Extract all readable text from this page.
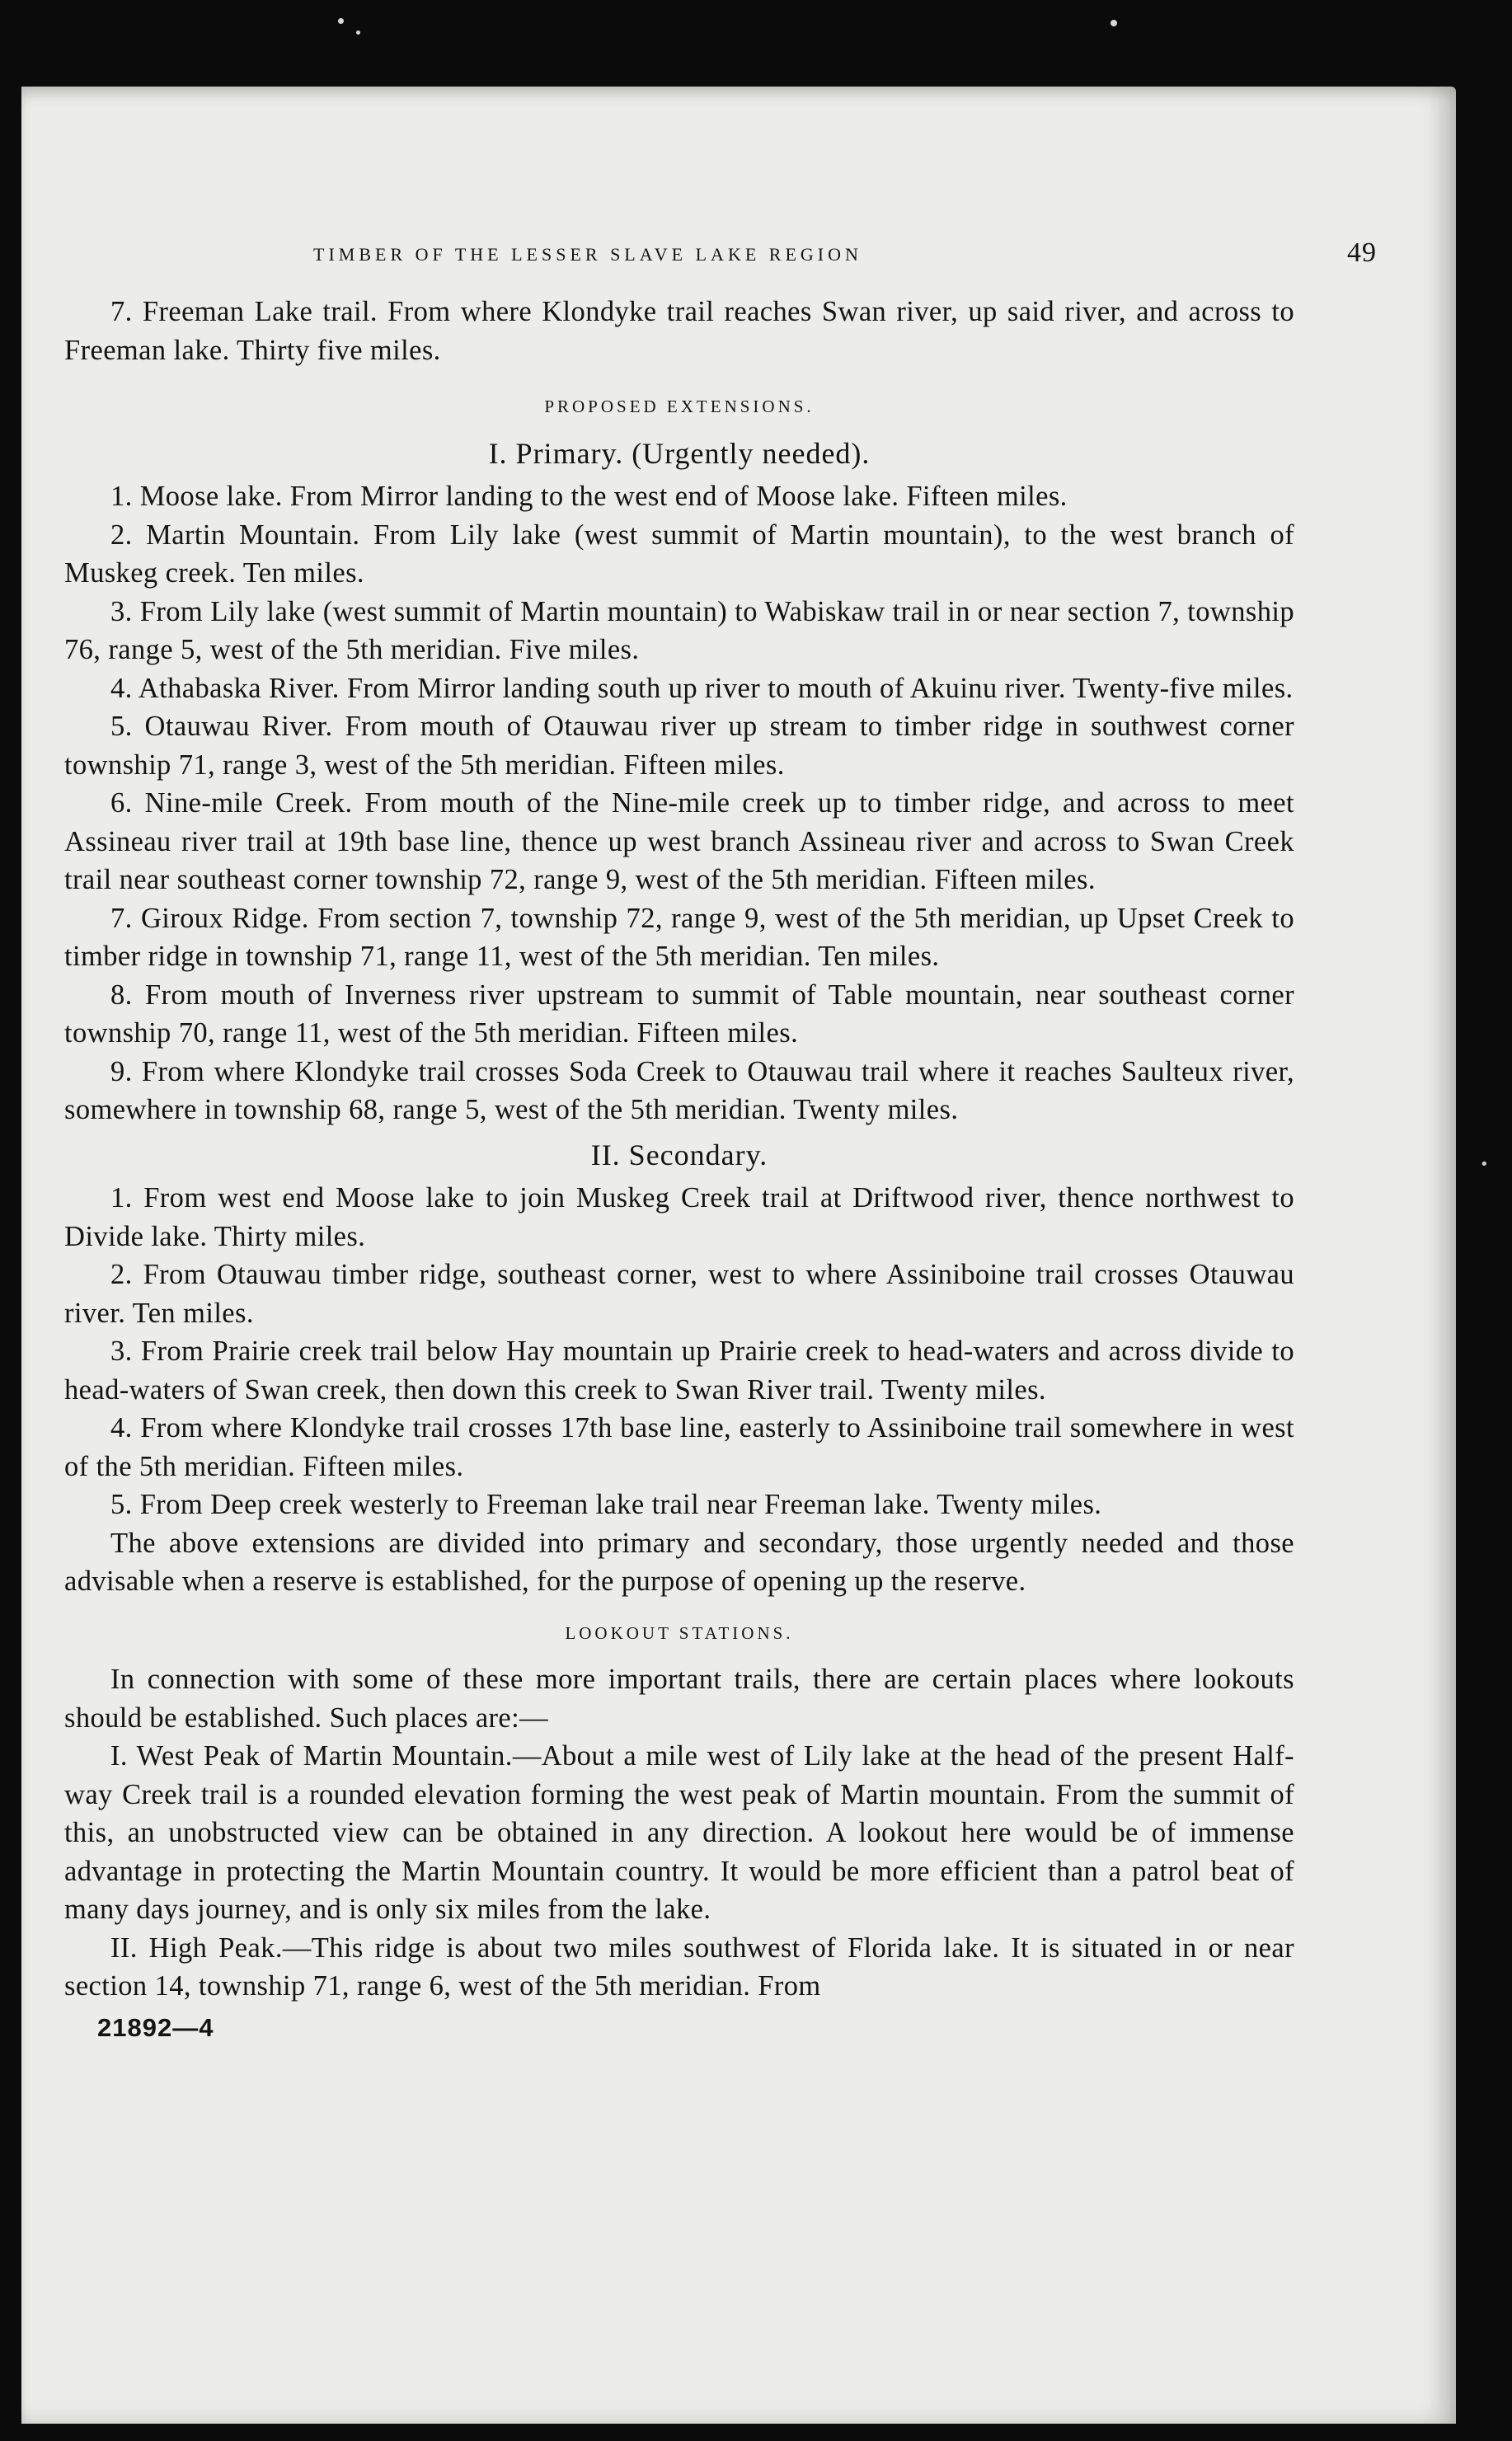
•
TIMBER OF THE LESSER SLAVE LAKE REGION	49

7. Freeman Lake trail. From where Klondyke trail reaches Swan river, up said river, and across to Freeman lake. Thirty five miles.

PROPOSED EXTENSIONS.
I. Primary. (Urgently needed).

1. Moose lake. From Mirror landing to the west end of Moose lake. Fifteen miles.

2. Martin Mountain. From Lily lake (west summit of Martin mountain), to the west branch of Muskeg creek. Ten miles.

3. From Lily lake (west summit of Martin mountain) to Wabiskaw trail in or near section 7, township 76, range 5, west of the 5th meridian. Five miles.

4. Athabaska River. From Mirror landing south up river to mouth of Akuinu river. Twenty-five miles.

5. Otauwau River. From mouth of Otauwau river up stream to timber ridge in southwest corner township 71, range 3, west of the 5th meridian. Fifteen miles.

6. Nine-mile Creek. From mouth of the Nine-mile creek up to timber ridge, and across to meet Assineau river trail at 19th base line, thence up west branch Assineau river and across to Swan Creek trail near southeast corner township 72, range 9, west of the 5th meridian. Fifteen miles.

7. Giroux Ridge. From section 7, township 72, range 9, west of the 5th meridian, up Upset Creek to timber ridge in township 71, range 11, west of the 5th meridian. Ten miles.

8. From mouth of Inverness river upstream to summit of Table mountain, near southeast corner township 70, range 11, west of the 5th meridian. Fifteen miles.

9. From where Klondyke trail crosses Soda Creek to Otauwau trail where it reaches Saulteux river, somewhere in township 68, range 5, west of the 5th meridian. Twenty miles.

II. Secondary.

1. From west end Moose lake to join Muskeg Creek trail at Driftwood river, thence northwest to Divide lake. Thirty miles.

2. From Otauwau timber ridge, southeast corner, west to where Assiniboine trail crosses Otauwau river. Ten miles.

3. From Prairie creek trail below Hay mountain up Prairie creek to head-waters and across divide to head-waters of Swan creek, then down this creek to Swan River trail. Twenty miles.

4. From where Klondyke trail crosses 17th base line, easterly to Assiniboine trail somewhere in west of the 5th meridian. Fifteen miles.

5. From Deep creek westerly to Freeman lake trail near Freeman lake. Twenty miles.

The above extensions are divided into primary and secondary, those urgently needed and those advisable when a reserve is established, for the purpose of opening up the reserve.

LOOKOUT STATIONS.

In connection with some of these more important trails, there are certain places where lookouts should be established. Such places are:—

I. West Peak of Martin Mountain.—About a mile west of Lily lake at the head of the present Half-way Creek trail is a rounded elevation forming the west peak of Martin mountain. From the summit of this, an unobstructed view can be obtained in any direction. A lookout here would be of immense advantage in protecting the Martin Mountain country. It would be more efficient than a patrol beat of many days journey, and is only six miles from the lake.

II. High Peak.—This ridge is about two miles southwest of Florida lake. It is situated in or near section 14, township 71, range 6, west of the 5th meridian. From

21892—4
